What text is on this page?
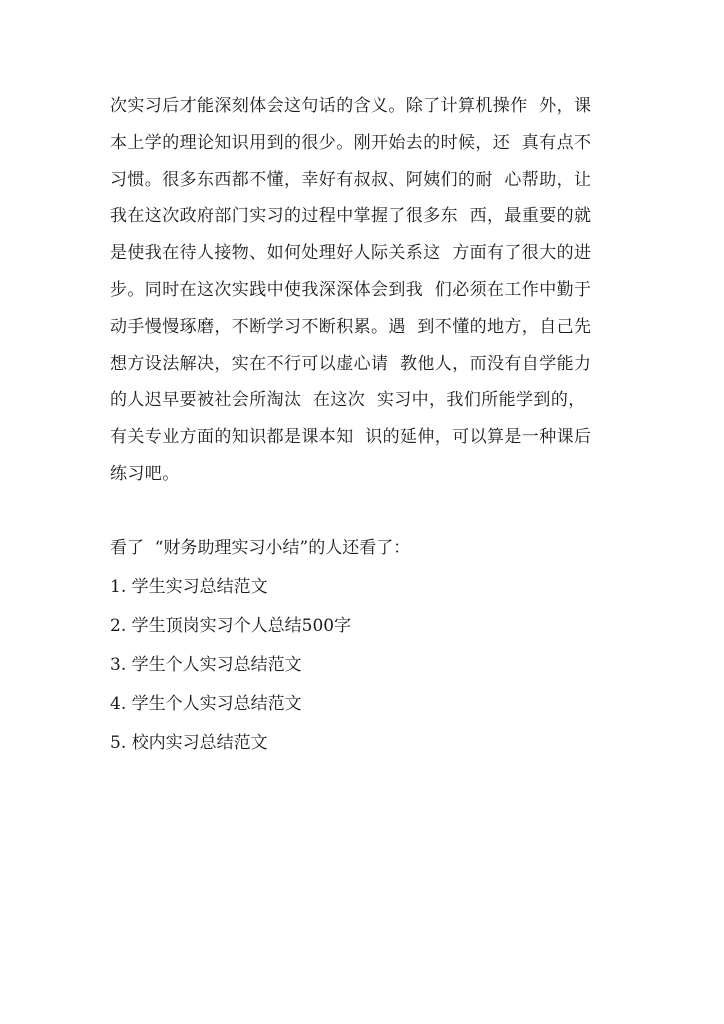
次实习后才能深刻体会这句话的含义。除了计算机操作  外，课
本上学的理论知识用到的很少。刚开始去的时候，还  真有点不
习惯。很多东西都不懂，幸好有叔叔、阿姨们的耐  心帮助，让
我在这次政府部门实习的过程中掌握了很多东  西，最重要的就
是使我在待人接物、如何处理好人际关系这  方面有了很大的进
步。同时在这次实践中使我深深体会到我  们必须在工作中勤于
动手慢慢琢磨，不断学习不断积累。遇  到不懂的地方，自己先
想方设法解决，实在不行可以虚心请  教他人，而没有自学能力
的人迟早要被社会所淘汰  在这次  实习中，我们所能学到的，
有关专业方面的知识都是课本知  识的延伸，可以算是一种课后
练习吧。
看了  “财务助理实习小结”的人还看了：
1. 学生实习总结范文
2. 学生顶岗实习个人总结500字
3. 学生个人实习总结范文
4. 学生个人实习总结范文
5. 校内实习总结范文
